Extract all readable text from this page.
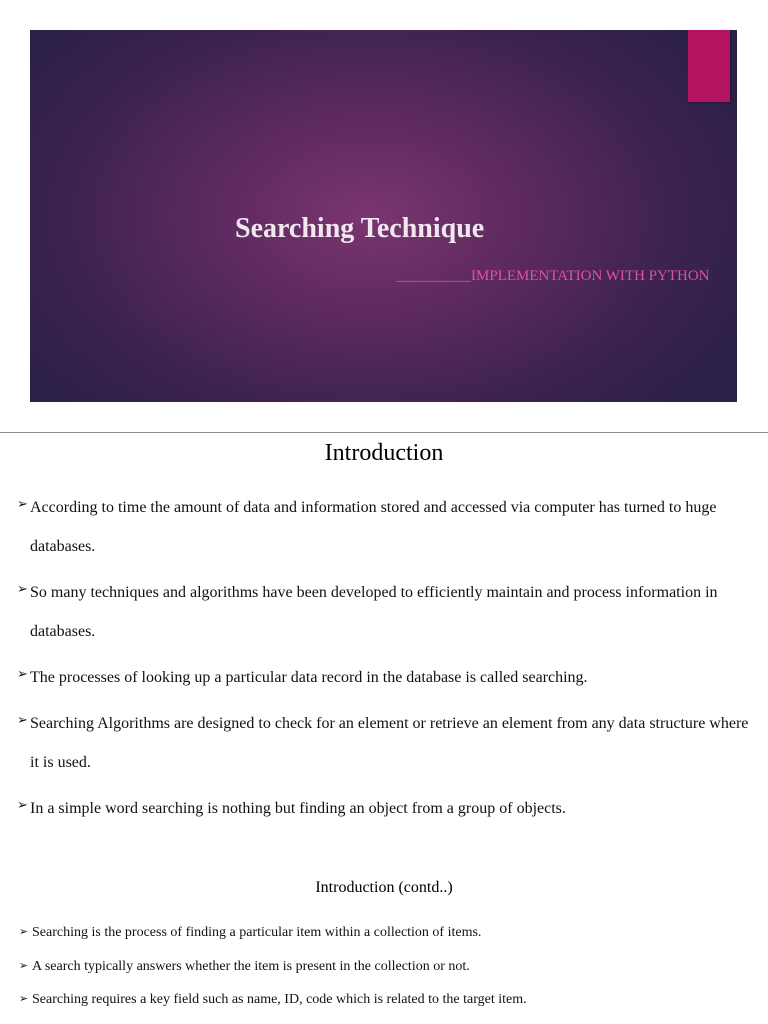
Searching Technique
__________IMPLEMENTATION WITH PYTHON
Introduction
➢ According to time the amount of data and information stored and accessed via computer has turned to huge databases.
➢ So many techniques and algorithms have been developed to efficiently maintain and process information in databases.
➢ The processes of looking up a particular data record in the database is called searching.
➢ Searching Algorithms are designed to check for an element or retrieve an element from any data structure where it is used.
➢ In a simple word searching is nothing but finding an object from a group of objects.
Introduction (contd..)
➢ Searching is the process of finding a particular item within a collection of items.
➢ A search typically answers whether the item is present in the collection or not.
➢ Searching requires a key field such as name, ID, code which is related to the target item.
